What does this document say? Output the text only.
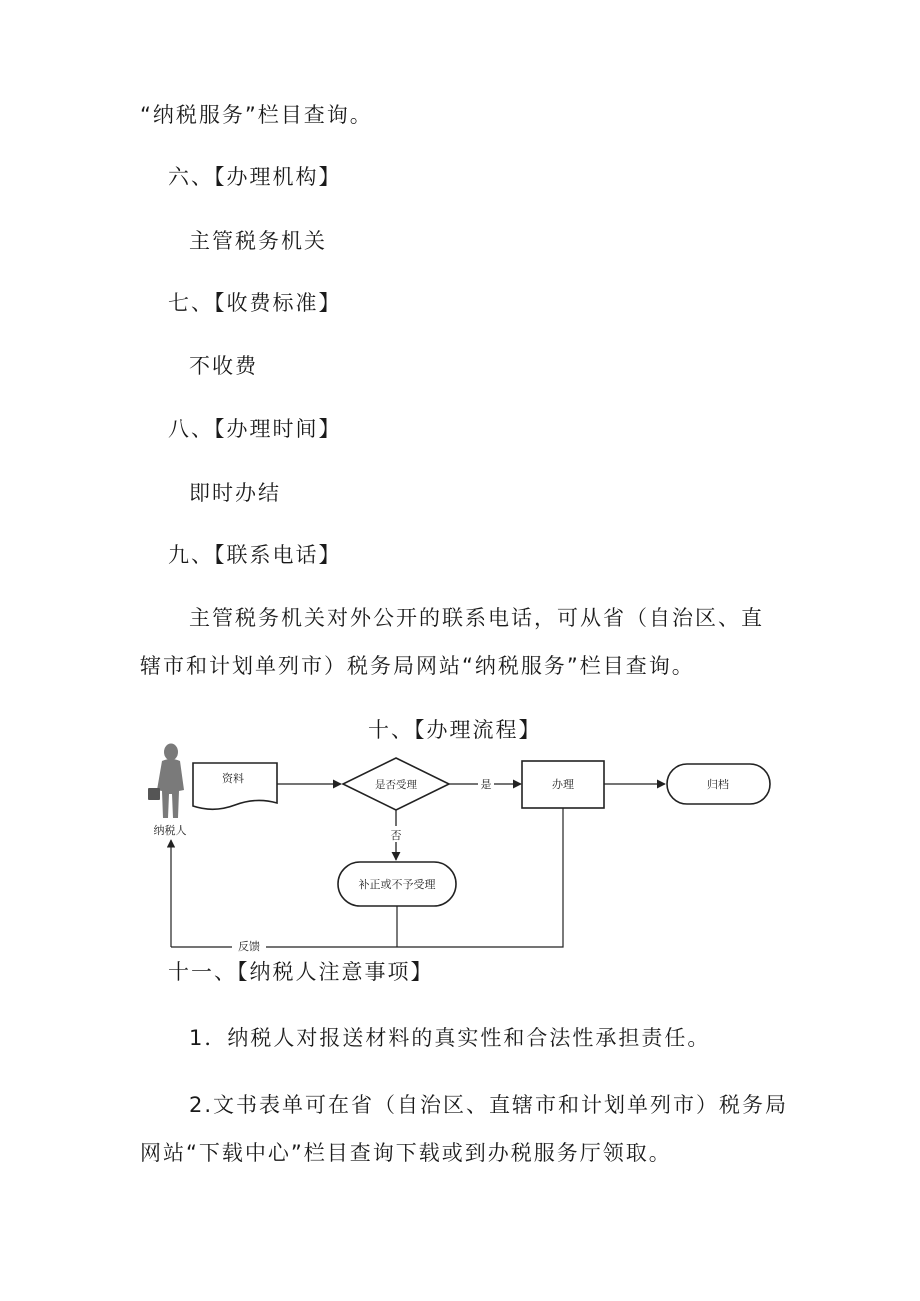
“纳税服务”栏目查询。
六、【办理机构】
主管税务机关
七、【收费标准】
不收费
八、【办理时间】
即时办结
九、【联系电话】
主管税务机关对外公开的联系电话，可从省（自治区、直
辖市和计划单列市）税务局网站“纳税服务”栏目查询。
十、【办理流程】
纳税人
资料	是否受理	是	办理	归档
否
补正或不予受理
反馈
十一、【纳税人注意事项】
1．纳税人对报送材料的真实性和合法性承担责任。
2.文书表单可在省（自治区、直辖市和计划单列市）税务局
网站“下载中心”栏目查询下载或到办税服务厅领取。
